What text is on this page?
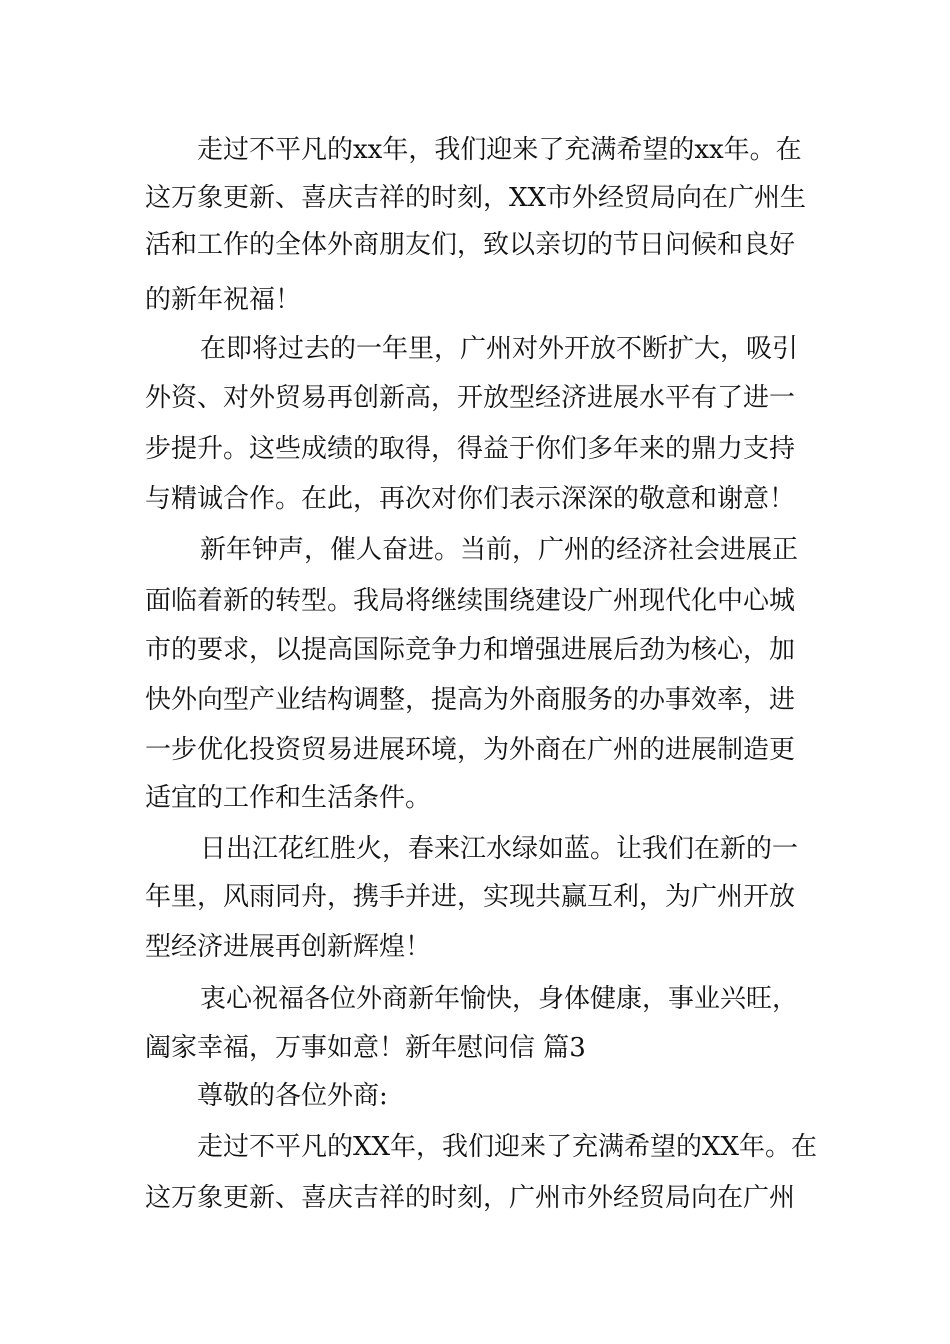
走过不平凡的xx年，我们迎来了充满希望的xx年。在
这万象更新、喜庆吉祥的时刻，XX市外经贸局向在广州生
活和工作的全体外商朋友们，致以亲切的节日问候和良好
的新年祝福！
在即将过去的一年里，广州对外开放不断扩大，吸引
外资、对外贸易再创新高，开放型经济进展水平有了进一
步提升。这些成绩的取得，得益于你们多年来的鼎力支持
与精诚合作。在此，再次对你们表示深深的敬意和谢意！
新年钟声，催人奋进。当前，广州的经济社会进展正
面临着新的转型。我局将继续围绕建设广州现代化中心城
市的要求，以提高国际竞争力和增强进展后劲为核心，加
快外向型产业结构调整，提高为外商服务的办事效率，进
一步优化投资贸易进展环境，为外商在广州的进展制造更
适宜的工作和生活条件。
日出江花红胜火，春来江水绿如蓝。让我们在新的一
年里，风雨同舟，携手并进，实现共赢互利，为广州开放
型经济进展再创新辉煌！
衷心祝福各位外商新年愉快，身体健康，事业兴旺，
阖家幸福，万事如意！新年慰问信 篇3
尊敬的各位外商:
走过不平凡的XX年，我们迎来了充满希望的XX年。在
这万象更新、喜庆吉祥的时刻，广州市外经贸局向在广州
